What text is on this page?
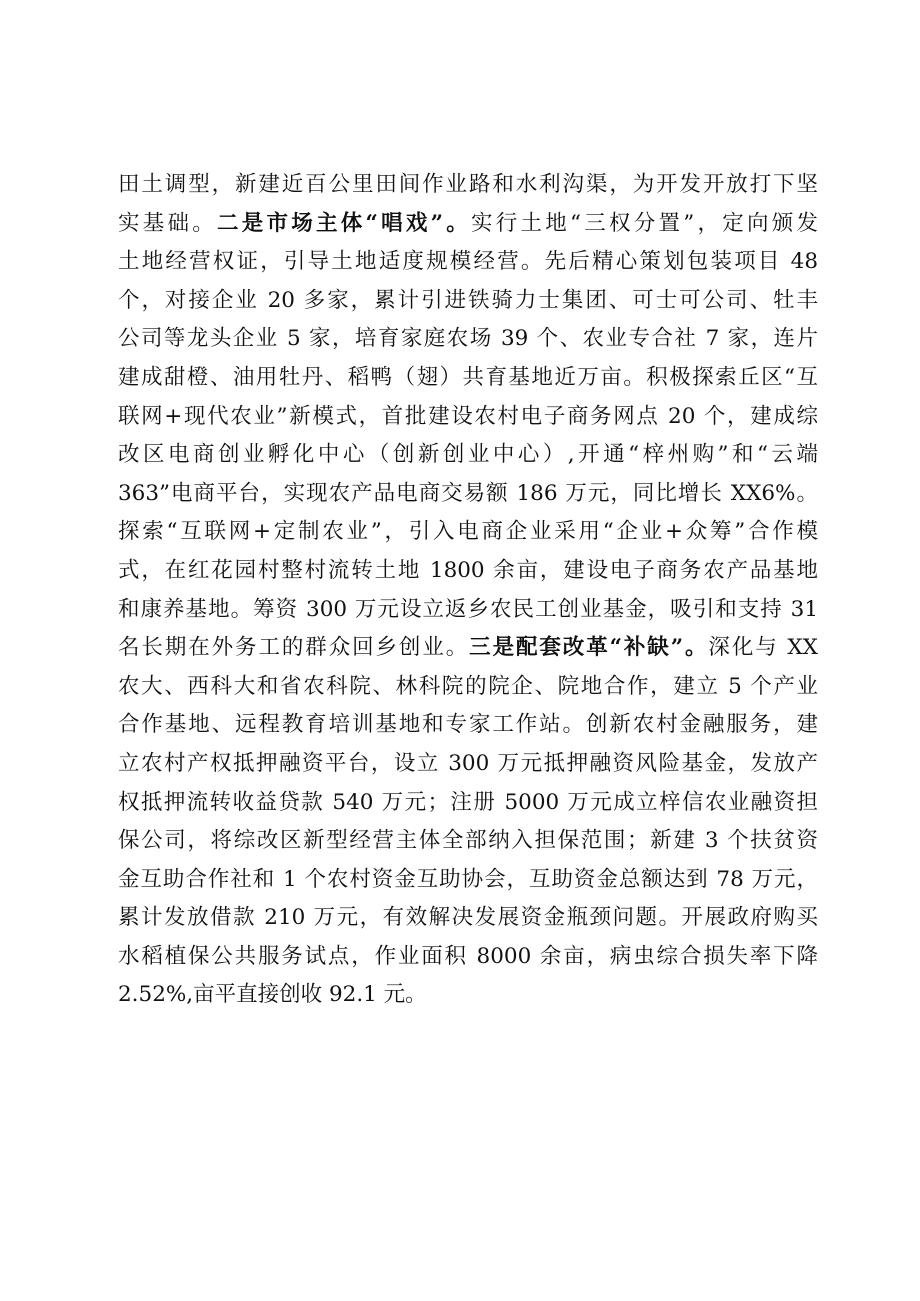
田土调型，新建近百公里田间作业路和水利沟渠，为开发开放打下坚
实基础。二是市场主体“唱戏”。实行土地“三权分置”，定向颁发
土地经营权证，引导土地适度规模经营。先后精心策划包装项目 48
个，对接企业 20 多家，累计引进铁骑力士集团、可士可公司、牡丰
公司等龙头企业 5 家，培育家庭农场 39 个、农业专合社 7 家，连片
建成甜橙、油用牡丹、稻鸭（翅）共育基地近万亩。积极探索丘区“互
联网+现代农业”新模式，首批建设农村电子商务网点 20 个，建成综
改区电商创业孵化中心（创新创业中心）,开通“梓州购”和“云端
363”电商平台，实现农产品电商交易额 186 万元，同比增长 XX6%。
探索“互联网+定制农业”，引入电商企业采用“企业+众筹”合作模
式，在红花园村整村流转土地 1800 余亩，建设电子商务农产品基地
和康养基地。筹资 300 万元设立返乡农民工创业基金，吸引和支持 31
名长期在外务工的群众回乡创业。三是配套改革“补缺”。深化与 XX
农大、西科大和省农科院、林科院的院企、院地合作，建立 5 个产业
合作基地、远程教育培训基地和专家工作站。创新农村金融服务，建
立农村产权抵押融资平台，设立 300 万元抵押融资风险基金，发放产
权抵押流转收益贷款 540 万元；注册 5000 万元成立梓信农业融资担
保公司，将综改区新型经营主体全部纳入担保范围；新建 3 个扶贫资
金互助合作社和 1 个农村资金互助协会，互助资金总额达到 78 万元，
累计发放借款 210 万元，有效解决发展资金瓶颈问题。开展政府购买
水稻植保公共服务试点，作业面积 8000 余亩，病虫综合损失率下降
2.52%,亩平直接创收 92.1 元。
